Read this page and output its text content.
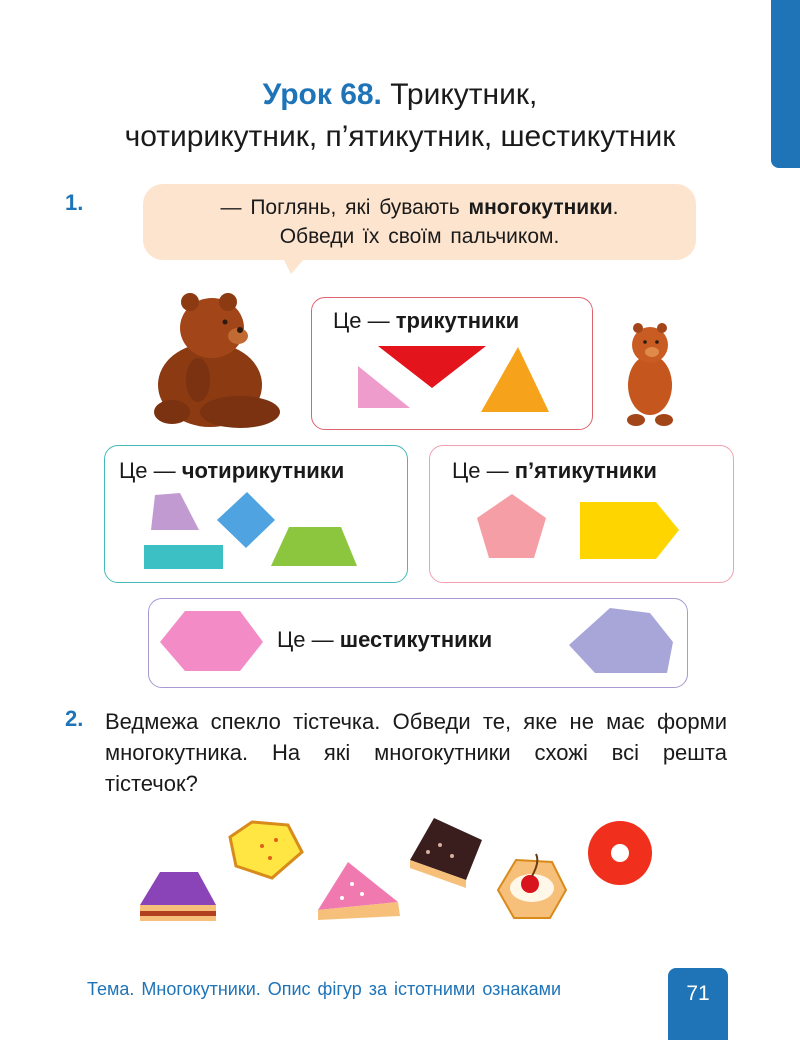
Урок 68. Трикутник,
чотирикутник, п’ятикутник, шестикутник
1.	— Поглянь, які бувають многокутники.
Обведи їх своїм пальчиком.
Це — трикутники
Це — чотирикутники	Це — п’ятикутники
Це — шестикутники
2. Ведмежа спекло тістечка. Обведи те, яке не має форми многокутника. На які многокутники схожі всі решта тістечок?
Тема. Многокутники. Опис фігур за істотними ознаками	71
